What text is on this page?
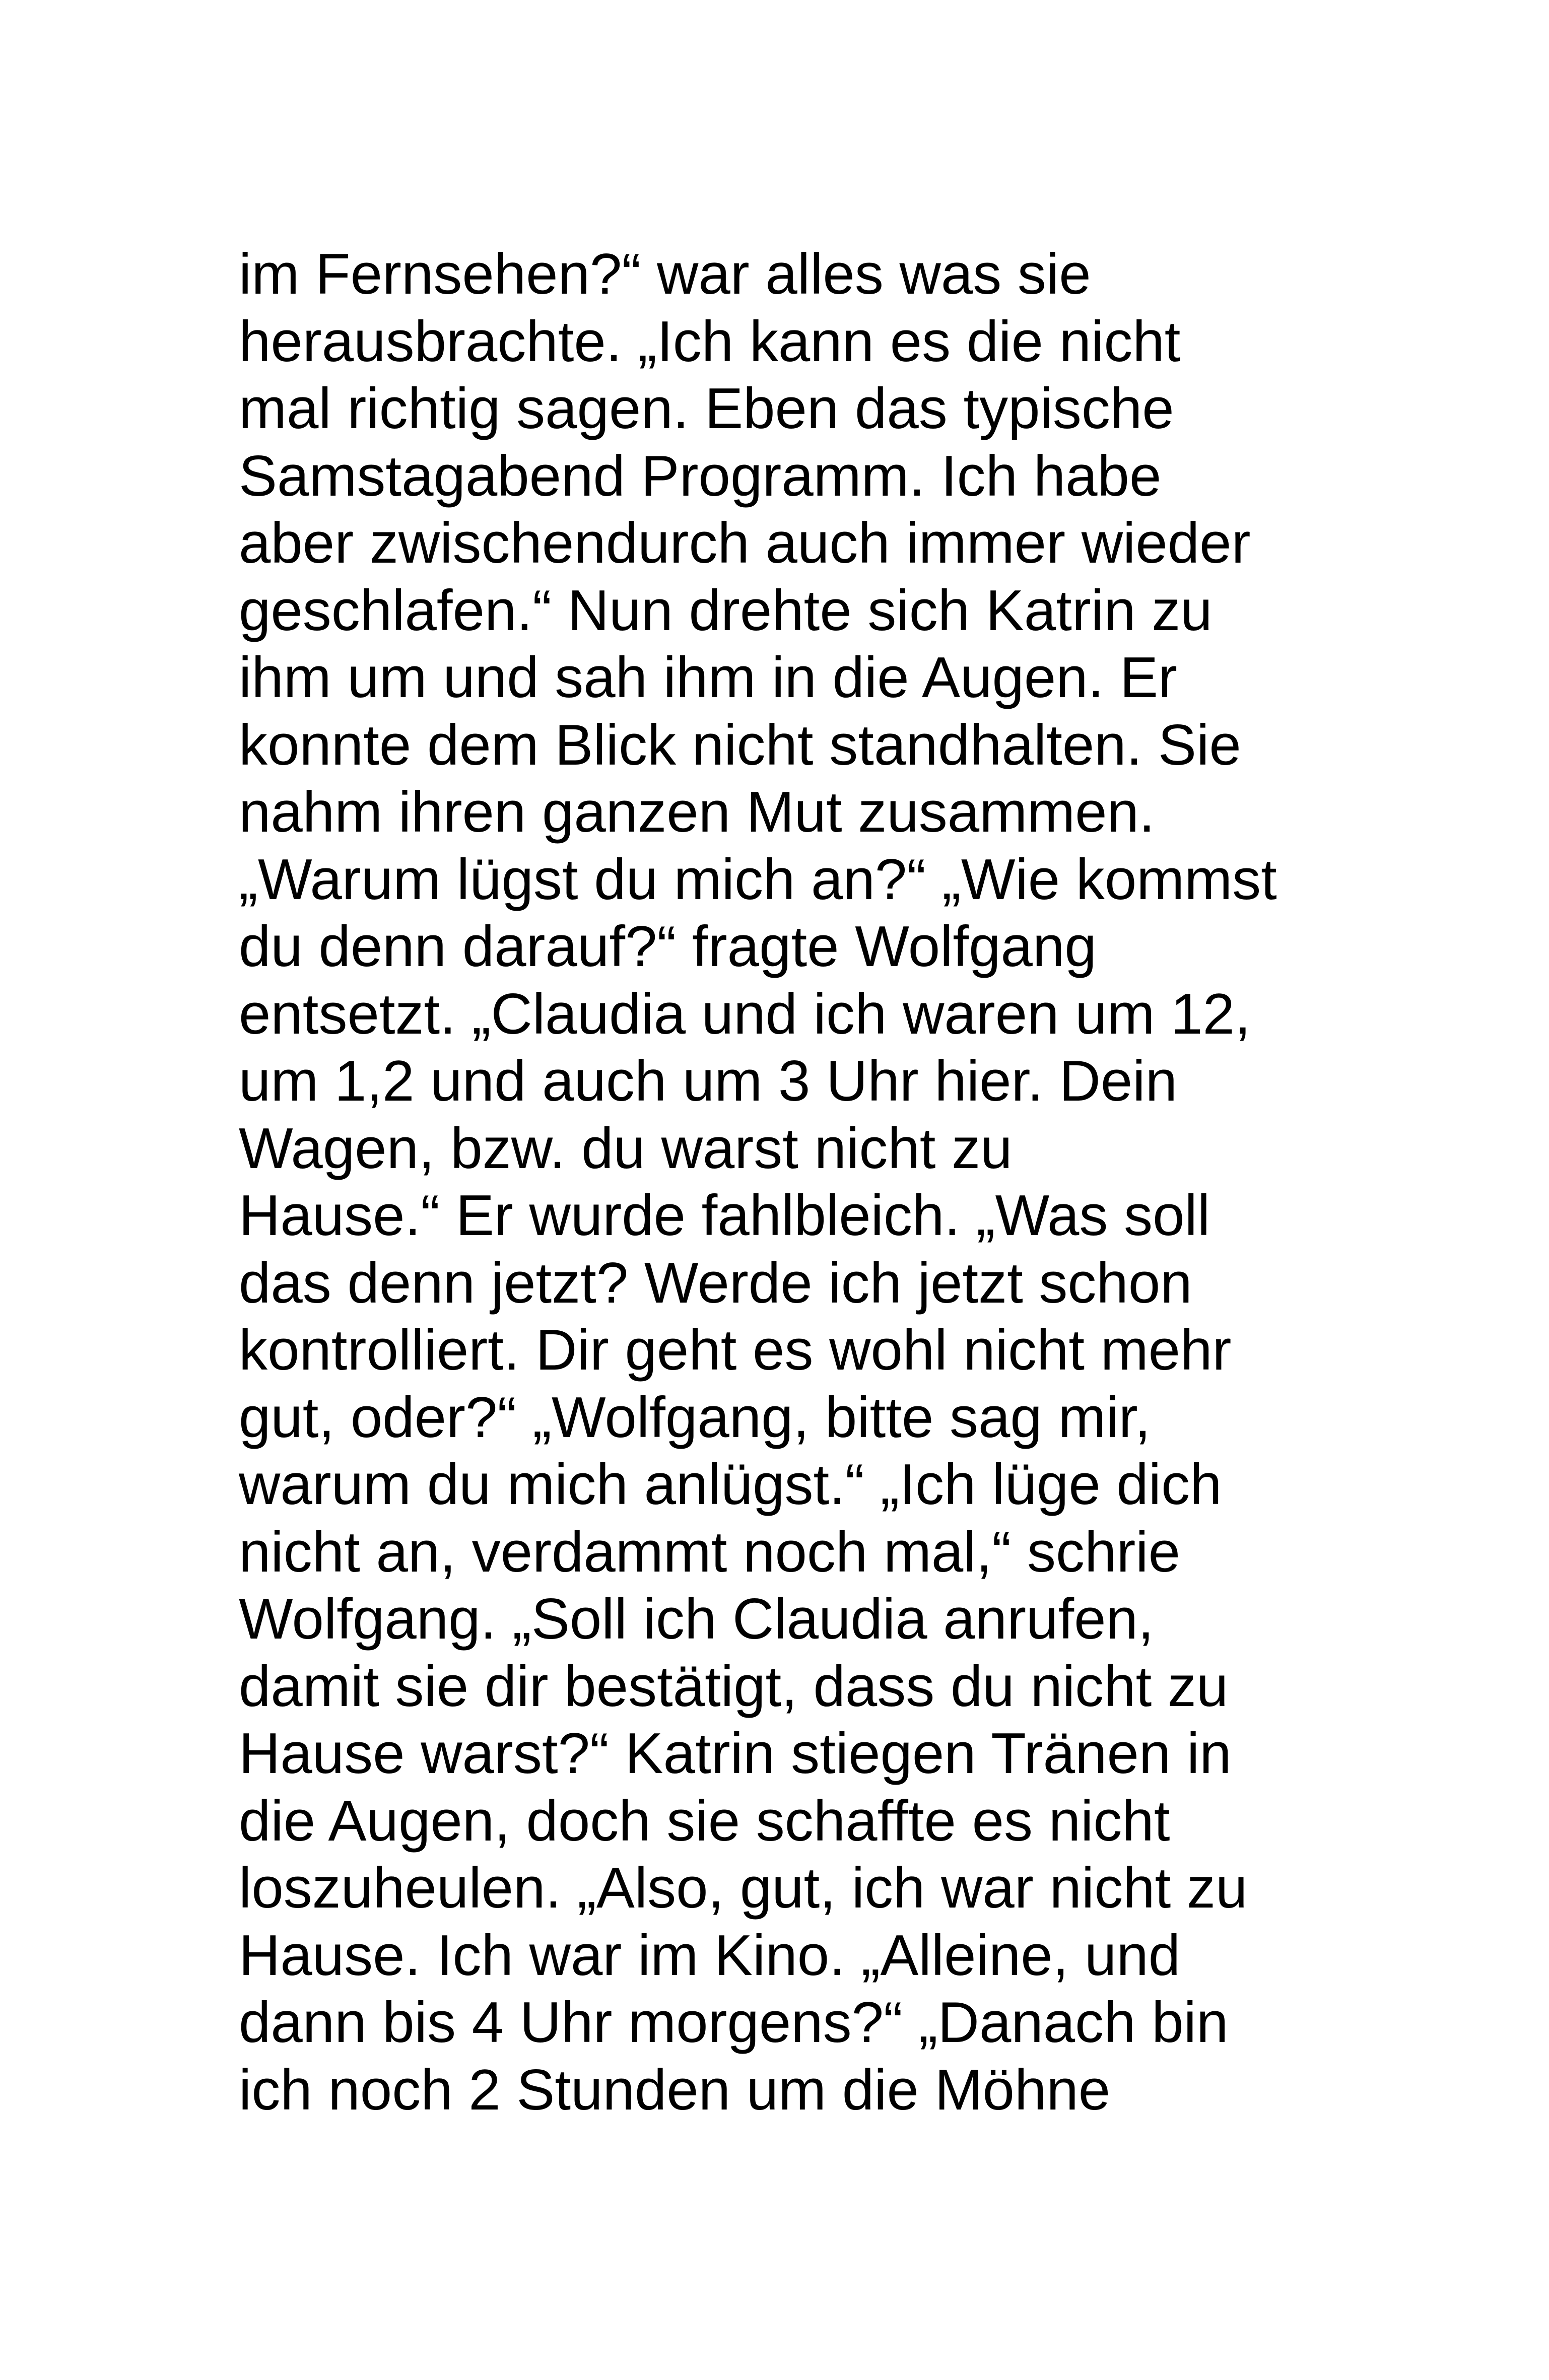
im Fernsehen?“ war alles was sie
herausbrachte. „Ich kann es die nicht
mal richtig sagen. Eben das typische
Samstagabend Programm. Ich habe
aber zwischendurch auch immer wieder
geschlafen.“ Nun drehte sich Katrin zu
ihm um und sah ihm in die Augen. Er
konnte dem Blick nicht standhalten. Sie
nahm ihren ganzen Mut zusammen.
„Warum lügst du mich an?“ „Wie kommst
du denn darauf?“ fragte Wolfgang
entsetzt. „Claudia und ich waren um 12,
um 1,2 und auch um 3 Uhr hier. Dein
Wagen, bzw. du warst nicht zu
Hause.“ Er wurde fahlbleich. „Was soll
das denn jetzt? Werde ich jetzt schon
kontrolliert. Dir geht es wohl nicht mehr
gut, oder?“ „Wolfgang, bitte sag mir,
warum du mich anlügst.“ „Ich lüge dich
nicht an, verdammt noch mal,“ schrie
Wolfgang. „Soll ich Claudia anrufen,
damit sie dir bestätigt, dass du nicht zu
Hause warst?“ Katrin stiegen Tränen in
die Augen, doch sie schaffte es nicht
loszuheulen. „Also, gut, ich war nicht zu
Hause. Ich war im Kino. „Alleine, und
dann bis 4 Uhr morgens?“ „Danach bin
ich noch 2 Stunden um die Möhne
